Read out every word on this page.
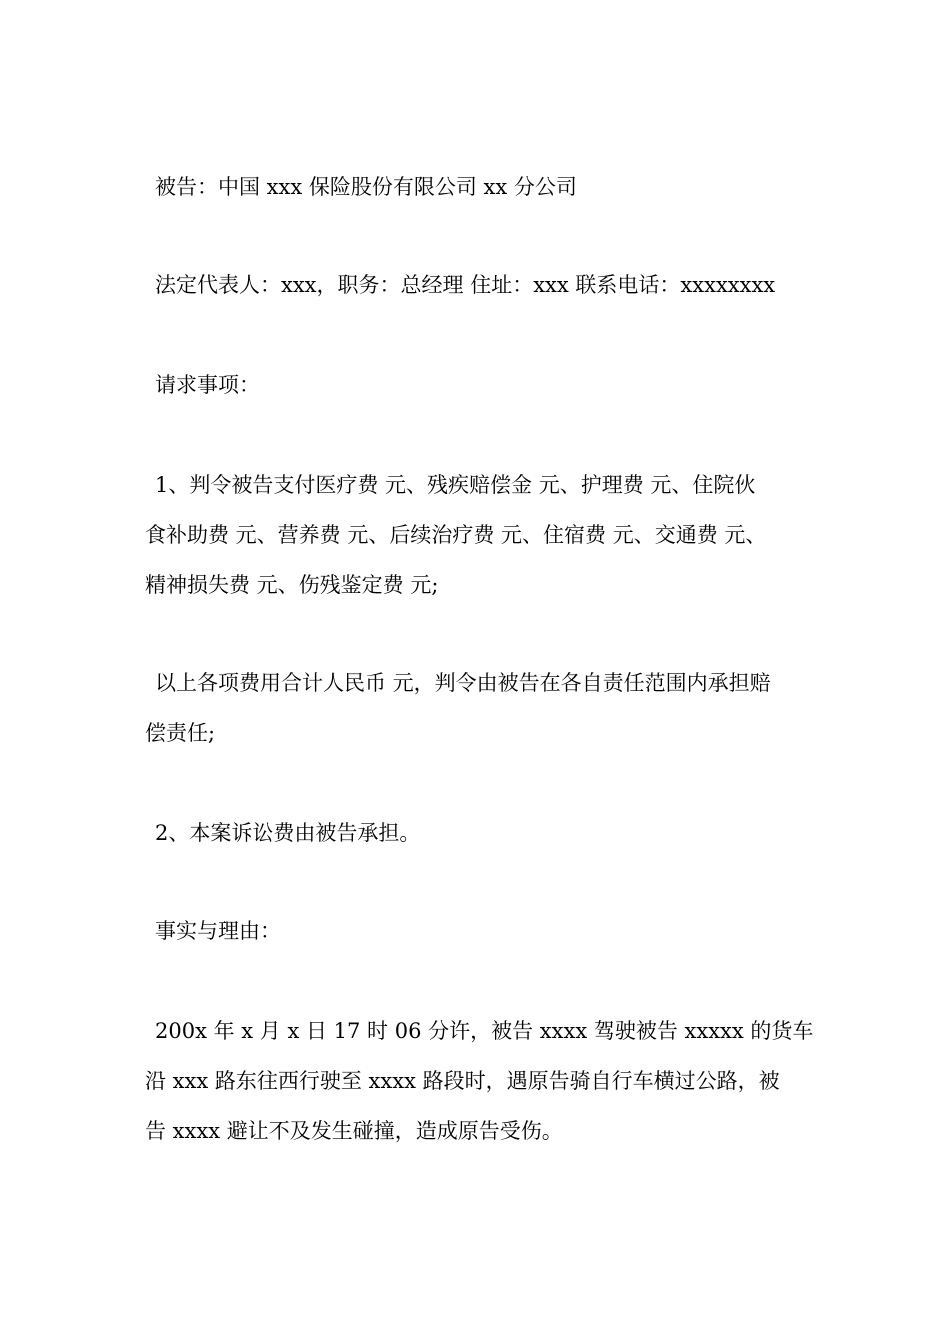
被告：中国 xxx 保险股份有限公司 xx 分公司
法定代表人：xxx，职务：总经理 住址：xxx 联系电话：xxxxxxxx
请求事项：
1、判令被告支付医疗费 元、残疾赔偿金 元、护理费 元、住院伙
食补助费 元、营养费 元、后续治疗费 元、住宿费 元、交通费 元、
精神损失费 元、伤残鉴定费 元;
以上各项费用合计人民币 元，判令由被告在各自责任范围内承担赔
偿责任;
2、本案诉讼费由被告承担。
事实与理由：
200x 年 x 月 x 日 17 时 06 分许，被告 xxxx 驾驶被告 xxxxx 的货车
沿 xxx 路东往西行驶至 xxxx 路段时，遇原告骑自行车横过公路，被
告 xxxx 避让不及发生碰撞，造成原告受伤。
